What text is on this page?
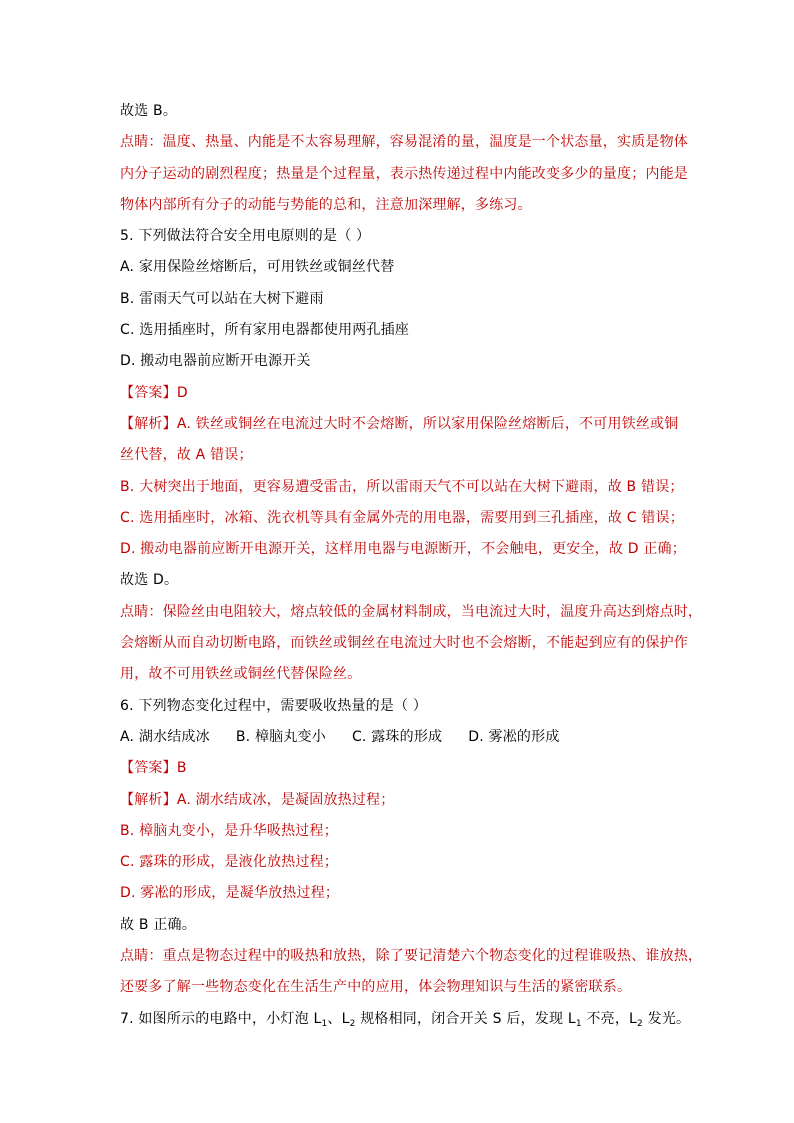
故选 B。
点睛：温度、热量、内能是不太容易理解，容易混淆的量，温度是一个状态量，实质是物体
内分子运动的剧烈程度；热量是个过程量，表示热传递过程中内能改变多少的量度；内能是
物体内部所有分子的动能与势能的总和，注意加深理解，多练习。
5. 下列做法符合安全用电原则的是（ ）
A. 家用保险丝熔断后，可用铁丝或铜丝代替
B. 雷雨天气可以站在大树下避雨
C. 选用插座时，所有家用电器都使用两孔插座
D. 搬动电器前应断开电源开关
【答案】D
【解析】A. 铁丝或铜丝在电流过大时不会熔断，所以家用保险丝熔断后，不可用铁丝或铜
丝代替，故 A 错误；
B. 大树突出于地面，更容易遭受雷击，所以雷雨天气不可以站在大树下避雨，故 B 错误；
C. 选用插座时，冰箱、洗衣机等具有金属外壳的用电器，需要用到三孔插座，故 C 错误；
D. 搬动电器前应断开电源开关，这样用电器与电源断开，不会触电，更安全，故 D 正确；
故选 D。
点睛：保险丝由电阻较大，熔点较低的金属材料制成，当电流过大时，温度升高达到熔点时，
会熔断从而自动切断电路，而铁丝或铜丝在电流过大时也不会熔断，不能起到应有的保护作
用，故不可用铁丝或铜丝代替保险丝。
6. 下列物态变化过程中，需要吸收热量的是（ ）
A. 湖水结成冰 B. 樟脑丸变小 C. 露珠的形成 D. 雾凇的形成
【答案】B
【解析】A. 湖水结成冰，是凝固放热过程；
B. 樟脑丸变小，是升华吸热过程；
C. 露珠的形成，是液化放热过程；
D. 雾凇的形成，是凝华放热过程；
故 B 正确。
点睛：重点是物态过程中的吸热和放热，除了要记清楚六个物态变化的过程谁吸热、谁放热，
还要多了解一些物态变化在生活生产中的应用，体会物理知识与生活的紧密联系。
7. 如图所示的电路中，小灯泡 $L_1$、$L_2$ 规格相同，闭合开关 S 后，发现 $L_1$ 不亮，$L_2$ 发光。
